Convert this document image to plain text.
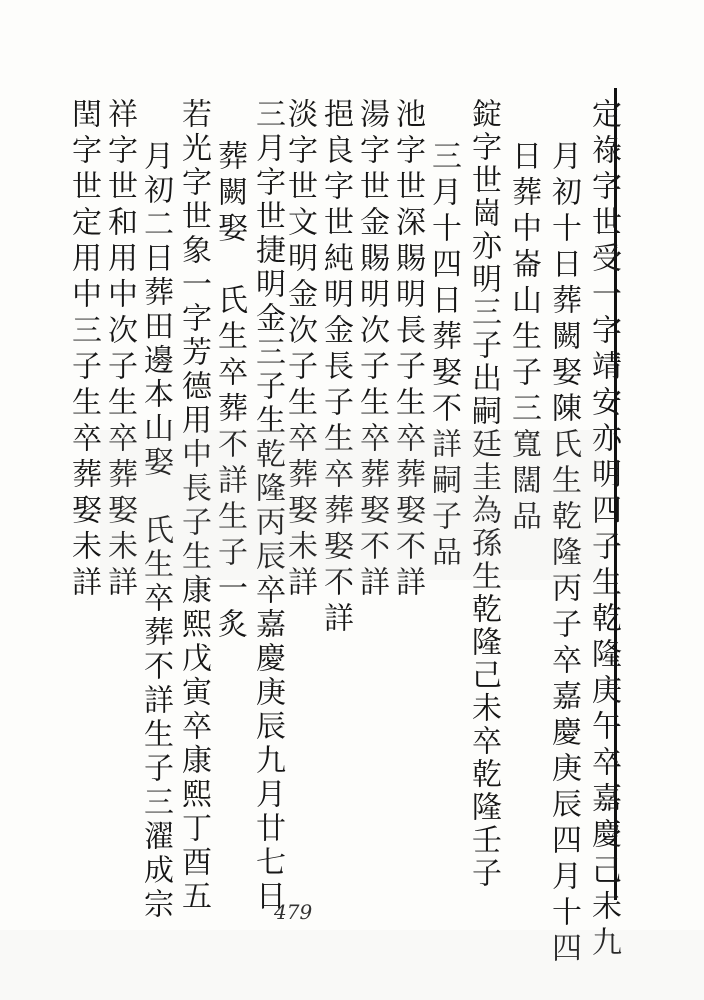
定祿字世受一字靖安亦明四子生乾隆庚午卒嘉慶己未九
月初十日葬闕娶陳氏生乾隆丙子卒嘉慶庚辰四月十四
日葬中崙山生子三寬闊品
錠字世崗亦明三子出嗣廷圭為孫生乾隆己未卒乾隆壬子
三月十四日葬娶不詳嗣子品
池字世深賜明長子生卒葬娶不詳
湯字世金賜明次子生卒葬娶不詳
挹良字世純明金長子生卒葬娶不詳
淡字世文明金次子生卒葬娶未詳
三月字世捷明金三子生乾隆丙辰卒嘉慶庚辰九月廿七日
葬闕娶　氏生卒葬不詳生子一炙
若光字世象一字芳德用中長子生康熙戊寅卒康熙丁酉五
月初二日葬田邊本山娶　氏生卒葬不詳生子三濯成宗
祥字世和用中次子生卒葬娶未詳
閏字世定用中三子生卒葬娶未詳
479
